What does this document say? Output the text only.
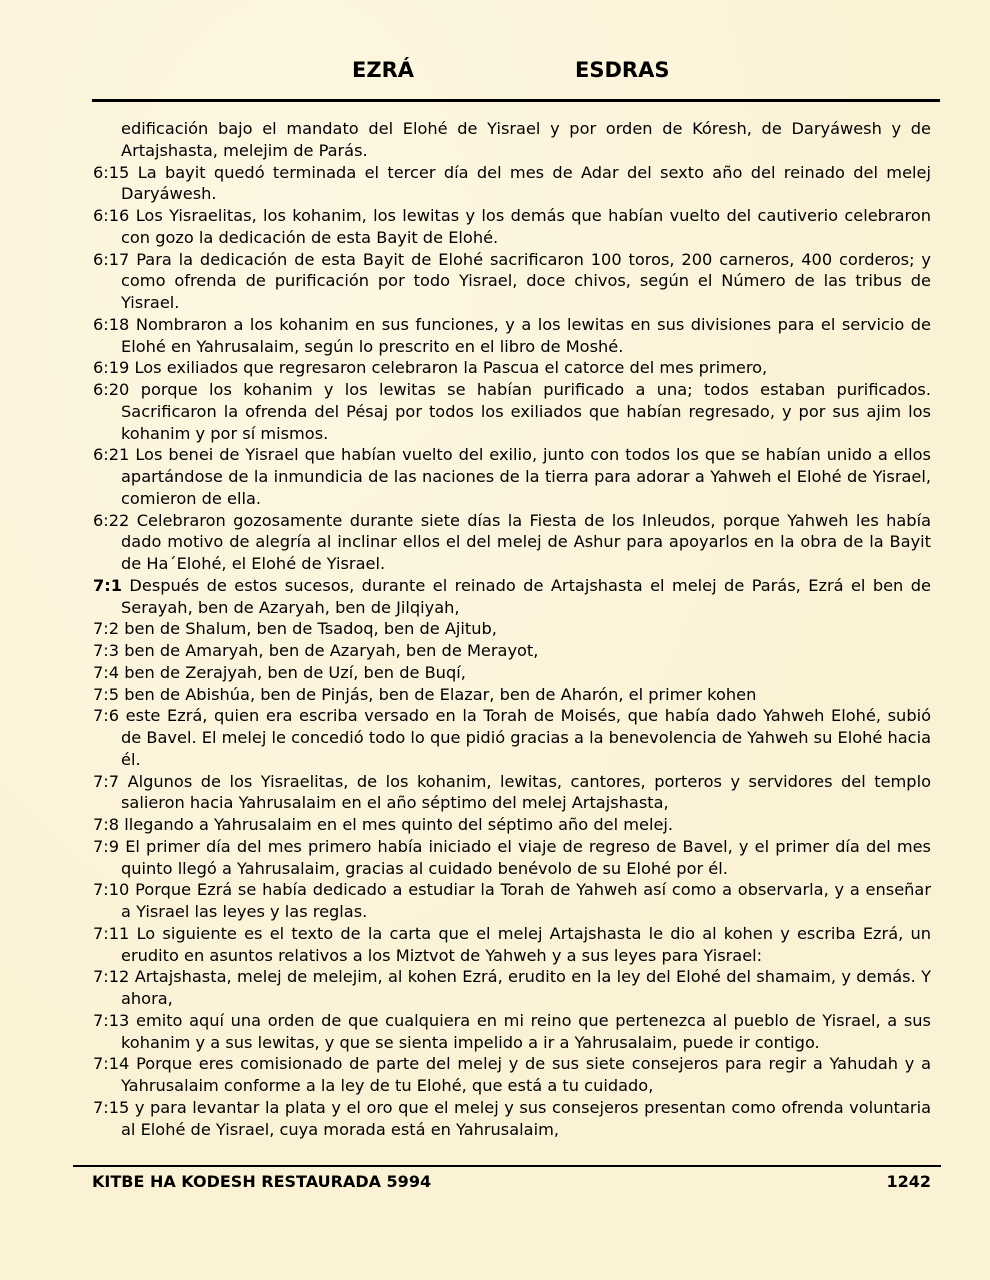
EZRÁ	ESDRAS

edificación bajo el mandato del Elohé de Yisrael y por orden de Kóresh, de Daryáwesh y de Artajshasta, melejim de Parás.

6:15 La bayit quedó terminada el tercer día del mes de Adar del sexto año del reinado del melej Daryáwesh.

6:16 Los Yisraelitas, los kohanim, los lewitas y los demás que habían vuelto del cautiverio celebraron con gozo la dedicación de esta Bayit de Elohé.

6:17 Para la dedicación de esta Bayit de Elohé sacrificaron 100 toros, 200 carneros, 400 corderos; y como ofrenda de purificación por todo Yisrael, doce chivos, según el Número de las tribus de Yisrael.

6:18 Nombraron a los kohanim en sus funciones, y a los lewitas en sus divisiones para el servicio de Elohé en Yahrusalaim, según lo prescrito en el libro de Moshé.

6:19 Los exiliados que regresaron celebraron la Pascua el catorce del mes primero,

6:20 porque los kohanim y los lewitas se habían purificado a una; todos estaban purificados. Sacrificaron la ofrenda del Pésaj por todos los exiliados que habían regresado, y por sus ajim los kohanim y por sí mismos.

6:21 Los benei de Yisrael que habían vuelto del exilio, junto con todos los que se habían unido a ellos apartándose de la inmundicia de las naciones de la tierra para adorar a Yahweh el Elohé de Yisrael, comieron de ella.

6:22 Celebraron gozosamente durante siete días la Fiesta de los Inleudos, porque Yahweh les había dado motivo de alegría al inclinar ellos el del melej de Ashur para apoyarlos en la obra de la Bayit de Ha´Elohé, el Elohé de Yisrael.

7:1 Después de estos sucesos, durante el reinado de Artajshasta el melej de Parás, Ezrá el ben de Serayah, ben de Azaryah, ben de Jilqiyah,

7:2 ben de Shalum, ben de Tsadoq, ben de Ajitub,

7:3 ben de Amaryah, ben de Azaryah, ben de Merayot,

7:4 ben de Zerajyah, ben de Uzí, ben de Buqí,

7:5 ben de Abishúa, ben de Pinjás, ben de Elazar, ben de Aharón, el primer kohen

7:6 este Ezrá, quien era escriba versado en la Torah de Moisés, que había dado Yahweh Elohé, subió de Bavel. El melej le concedió todo lo que pidió gracias a la benevolencia de Yahweh su Elohé hacia él.

7:7 Algunos de los Yisraelitas, de los kohanim, lewitas, cantores, porteros y servidores del templo salieron hacia Yahrusalaim en el año séptimo del melej Artajshasta,

7:8 llegando a Yahrusalaim en el mes quinto del séptimo año del melej.

7:9 El primer día del mes primero había iniciado el viaje de regreso de Bavel, y el primer día del mes quinto llegó a Yahrusalaim, gracias al cuidado benévolo de su Elohé por él.

7:10 Porque Ezrá se había dedicado a estudiar la Torah de Yahweh así como a observarla, y a enseñar a Yisrael las leyes y las reglas.

7:11 Lo siguiente es el texto de la carta que el melej Artajshasta le dio al kohen y escriba Ezrá, un erudito en asuntos relativos a los Miztvot de Yahweh y a sus leyes para Yisrael:

7:12 Artajshasta, melej de melejim, al kohen Ezrá, erudito en la ley del Elohé del shamaim, y demás. Y ahora,

7:13 emito aquí una orden de que cualquiera en mi reino que pertenezca al pueblo de Yisrael, a sus kohanim y a sus lewitas, y que se sienta impelido a ir a Yahrusalaim, puede ir contigo.

7:14 Porque eres comisionado de parte del melej y de sus siete consejeros para regir a Yahudah y a Yahrusalaim conforme a la ley de tu Elohé, que está a tu cuidado,

7:15 y para levantar la plata y el oro que el melej y sus consejeros presentan como ofrenda voluntaria al Elohé de Yisrael, cuya morada está en Yahrusalaim,

KITBE HA KODESH RESTAURADA 5994	1242
